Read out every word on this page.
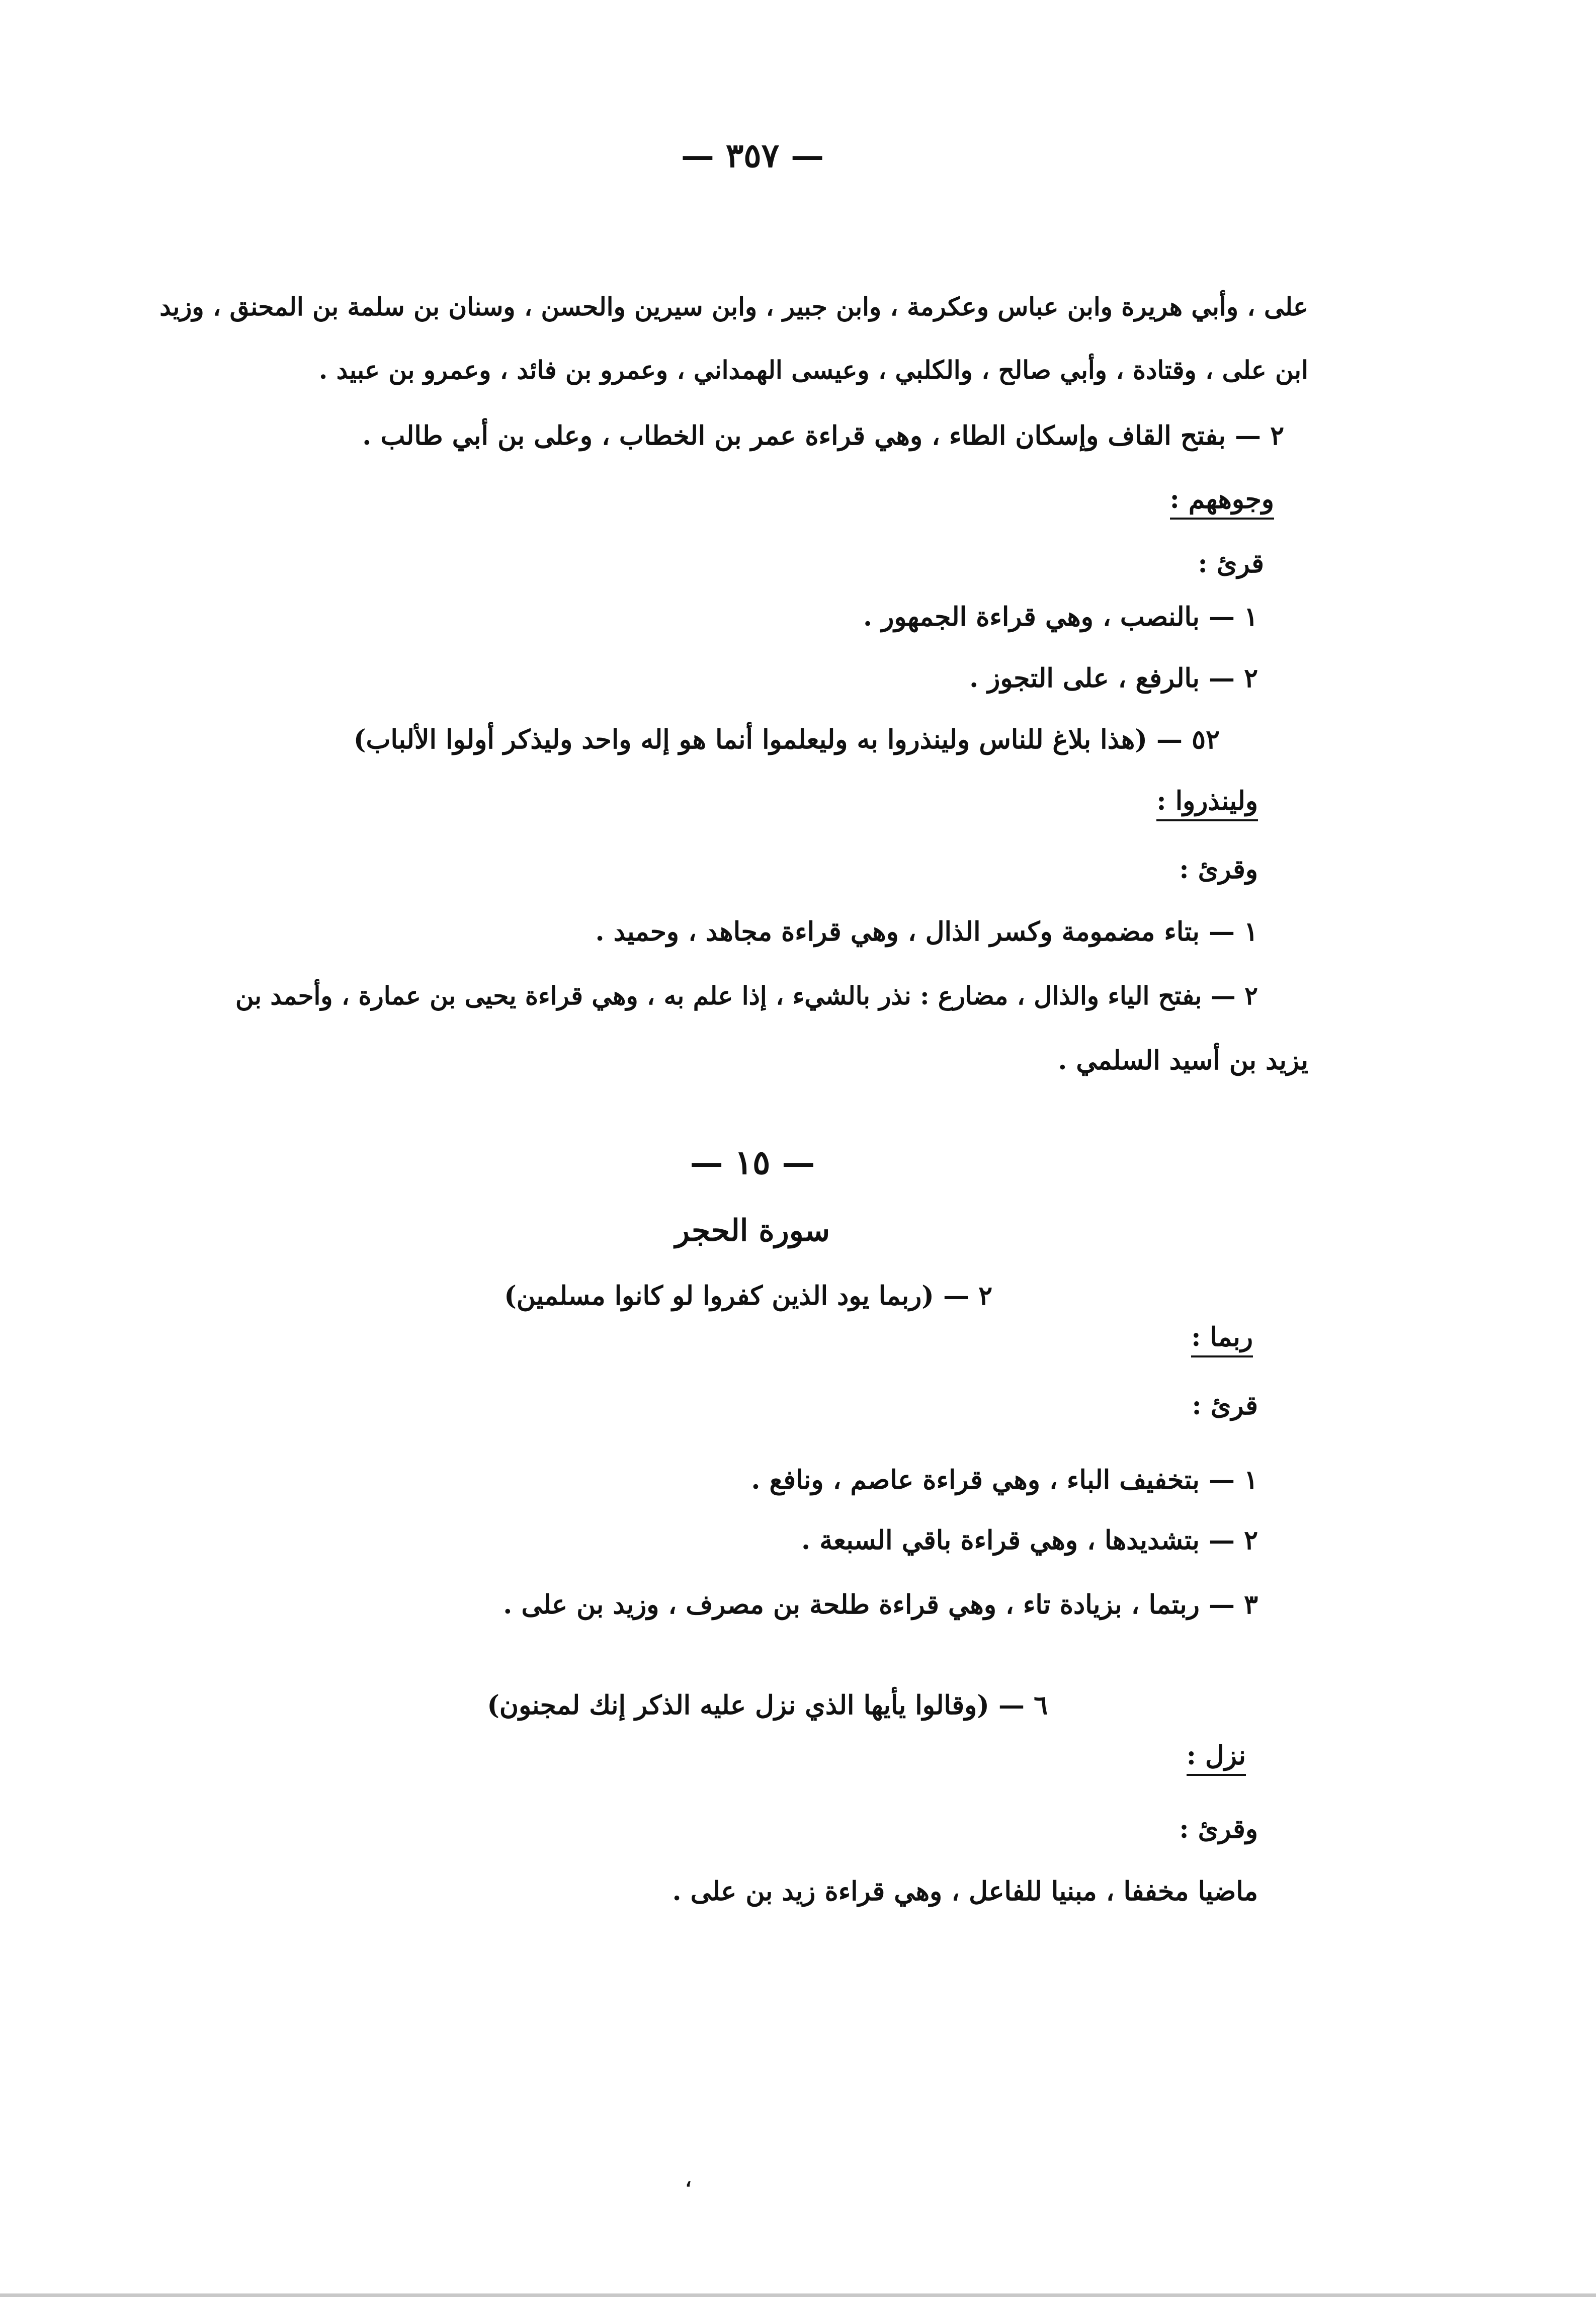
— ٣٥٧ —
على ، وأبي هريرة وابن عباس وعكرمة ، وابن جبير ، وابن سيرين والحسن ، وسنان بن سلمة بن المحنق ، وزيد
ابن على ، وقتادة ، وأبي صالح ، والكلبي ، وعيسى الهمداني ، وعمرو بن فائد ، وعمرو بن عبيد .
٢ — بفتح القاف وإسكان الطاء ، وهي قراءة عمر بن الخطاب ، وعلى بن أبي طالب .
وجوههم :
قرئ :
١ — بالنصب ، وهي قراءة الجمهور .
٢ — بالرفع ، على التجوز .
٥٢ — (هذا بلاغ للناس ولينذروا به وليعلموا أنما هو إله واحد وليذكر أولوا الألباب)
ولينذروا :
وقرئ :
١ — بتاء مضمومة وكسر الذال ، وهي قراءة مجاهد ، وحميد .
٢ — بفتح الياء والذال ، مضارع : نذر بالشيء ، إذا علم به ، وهي قراءة يحيى بن عمارة ، وأحمد بن
يزيد بن أسيد السلمي .
— ١٥ —
سورة الحجر
٢ — (ربما يود الذين كفروا لو كانوا مسلمين)
ربما :
قرئ :
١ — بتخفيف الباء ، وهي قراءة عاصم ، ونافع .
٢ — بتشديدها ، وهي قراءة باقي السبعة .
٣ — ربتما ، بزيادة تاء ، وهي قراءة طلحة بن مصرف ، وزيد بن على .
٦ — (وقالوا يأيها الذي نزل عليه الذكر إنك لمجنون)
نزل :
وقرئ :
ماضيا مخففا ، مبنيا للفاعل ، وهي قراءة زيد بن على .
،
